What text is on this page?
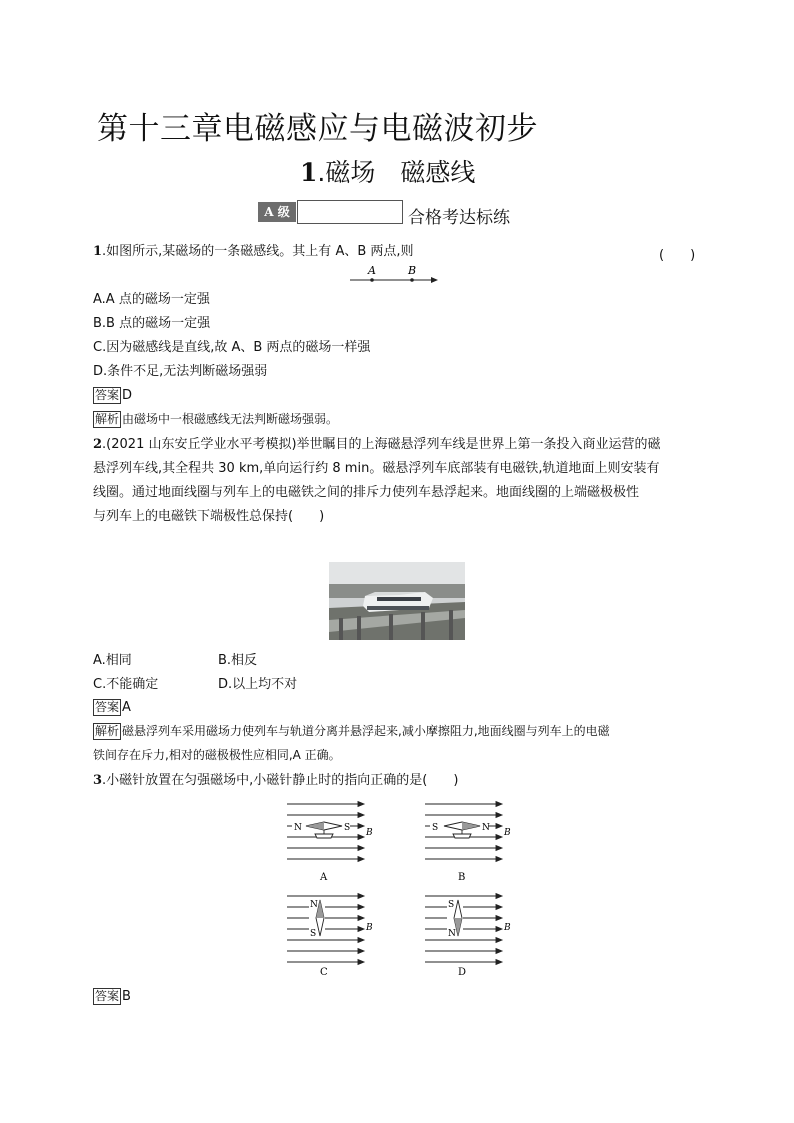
第十三章电磁感应与电磁波初步
1.磁场　磁感线
A 级	合格考达标练
1.如图所示,某磁场的一条磁感线。其上有 A、B 两点,则	(　　)
A	B
A.A 点的磁场一定强
B.B 点的磁场一定强
C.因为磁感线是直线,故 A、B 两点的磁场一样强
D.条件不足,无法判断磁场强弱
答案 D
解析 由磁场中一根磁感线无法判断磁场强弱。
2.(2021 山东安丘学业水平考模拟)举世瞩目的上海磁悬浮列车线是世界上第一条投入商业运营的磁
悬浮列车线,其全程共 30 km,单向运行约 8 min。磁悬浮列车底部装有电磁铁,轨道地面上则安装有
线圈。通过地面线圈与列车上的电磁铁之间的排斥力使列车悬浮起来。地面线圈的上端磁极极性
与列车上的电磁铁下端极性总保持(　　)
A.相同	B.相反
C.不能确定	D.以上均不对
答案 A
解析 磁悬浮列车采用磁场力使列车与轨道分离并悬浮起来,减小摩擦阻力,地面线圈与列车上的电磁
铁间存在斥力,相对的磁极极性应相同,A 正确。
3.小磁针放置在匀强磁场中,小磁针静止时的指向正确的是(　　)
N	S B
A
S	N B
B
N
S
B
C
S
N
B
D
答案 B
